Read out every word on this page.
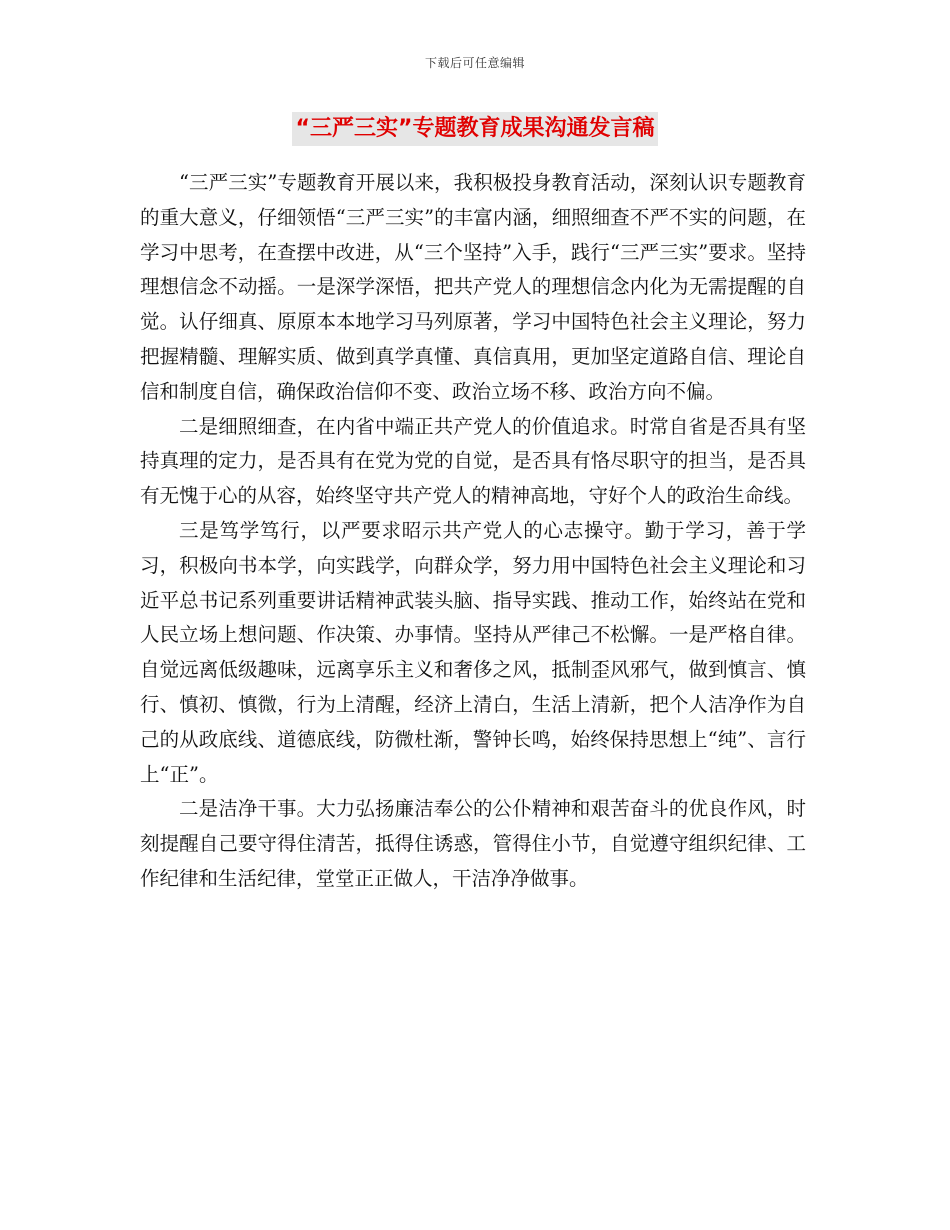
下载后可任意编辑
“三严三实”专题教育成果沟通发言稿

“三严三实”专题教育开展以来，我积极投身教育活动，深刻认识专题教育的重大意义，仔细领悟“三严三实”的丰富内涵，细照细查不严不实的问题，在学习中思考，在查摆中改进，从“三个坚持”入手，践行“三严三实”要求。坚持理想信念不动摇。一是深学深悟，把共产党人的理想信念内化为无需提醒的自觉。认仔细真、原原本本地学习马列原著，学习中国特色社会主义理论，努力把握精髓、理解实质、做到真学真懂、真信真用，更加坚定道路自信、理论自信和制度自信，确保政治信仰不变、政治立场不移、政治方向不偏。

二是细照细查，在内省中端正共产党人的价值追求。时常自省是否具有坚持真理的定力，是否具有在党为党的自觉，是否具有恪尽职守的担当，是否具有无愧于心的从容，始终坚守共产党人的精神高地，守好个人的政治生命线。

三是笃学笃行，以严要求昭示共产党人的心志操守。勤于学习，善于学习，积极向书本学，向实践学，向群众学，努力用中国特色社会主义理论和习近平总书记系列重要讲话精神武装头脑、指导实践、推动工作，始终站在党和人民立场上想问题、作决策、办事情。坚持从严律己不松懈。一是严格自律。自觉远离低级趣味，远离享乐主义和奢侈之风，抵制歪风邪气，做到慎言、慎行、慎初、慎微，行为上清醒，经济上清白，生活上清新，把个人洁净作为自己的从政底线、道德底线，防微杜渐，警钟长鸣，始终保持思想上“纯”、言行上“正”。

二是洁净干事。大力弘扬廉洁奉公的公仆精神和艰苦奋斗的优良作风，时刻提醒自己要守得住清苦，抵得住诱惑，管得住小节，自觉遵守组织纪律、工作纪律和生活纪律，堂堂正正做人，干洁净净做事。
